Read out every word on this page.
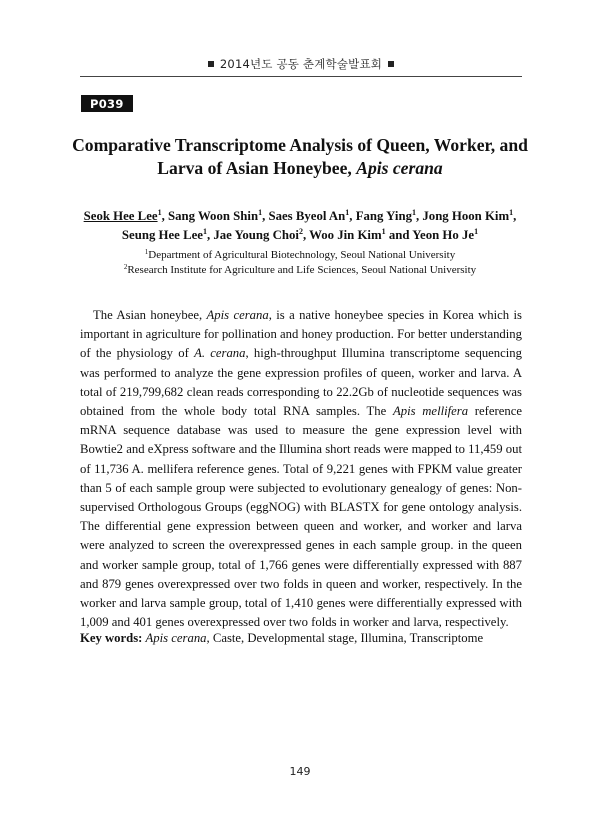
2014년도 공동 춘계학술발표회
P039
Comparative Transcriptome Analysis of Queen, Worker, and
Larva of Asian Honeybee, Apis cerana
Seok Hee Lee$^1$, Sang Woon Shin$^1$, Saes Byeol An$^1$, Fang Ying$^1$, Jong Hoon Kim$^1$,
Seung Hee Lee$^1$, Jae Young Choi$^2$, Woo Jin Kim$^1$ and Yeon Ho Je$^1$
$^1$Department of Agricultural Biotechnology, Seoul National University
$^2$Research Institute for Agriculture and Life Sciences, Seoul National University

The Asian honeybee, Apis cerana, is a native honeybee species in Korea which is important in agriculture for pollination and honey production. For better understanding of the physiology of A. cerana, high-throughput Illumina transcriptome sequencing was performed to analyze the gene expression profiles of queen, worker and larva. A total of 219,799,682 clean reads corresponding to 22.2Gb of nucleotide sequences was obtained from the whole body total RNA samples. The Apis mellifera reference mRNA sequence database was used to measure the gene expression level with Bowtie2 and eXpress software and the Illumina short reads were mapped to 11,459 out of 11,736 A. mellifera reference genes. Total of 9,221 genes with FPKM value greater than 5 of each sample group were subjected to evolutionary genealogy of genes: Non-supervised Orthologous Groups (eggNOG) with BLASTX for gene ontology analysis. The differential gene expression between queen and worker, and worker and larva were analyzed to screen the overexpressed genes in each sample group. in the queen and worker sample group, total of 1,766 genes were differentially expressed with 887 and 879 genes overexpressed over two folds in queen and worker, respectively. In the worker and larva sample group, total of 1,410 genes were differentially expressed with 1,009 and 401 genes overexpressed over two folds in worker and larva, respectively.

Key words: Apis cerana, Caste, Developmental stage, Illumina, Transcriptome
149
